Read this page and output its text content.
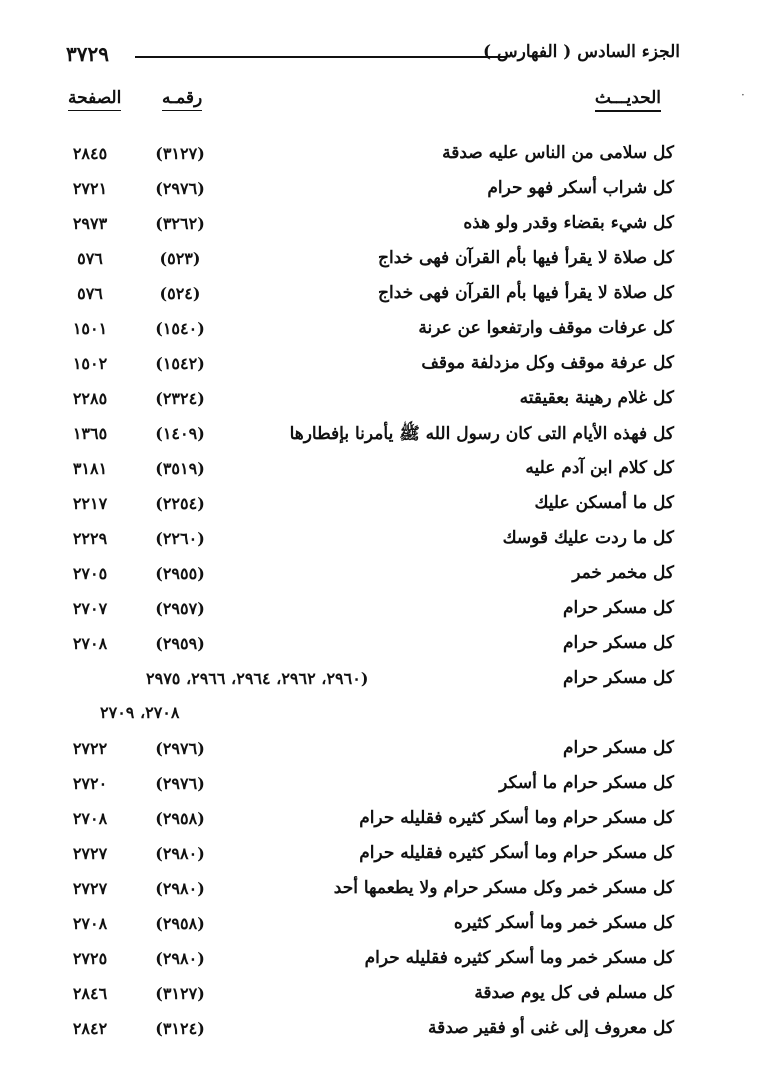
٣٧٢٩	الجزء السادس ( الفهارس )
·
الحديـــث
رقمـه
الصفحة
كل سلامى من الناس عليه صدقة
(٣١٢٧)
٢٨٤٥
كل شراب أسكر فهو حرام
(٢٩٧٦)
٢٧٢١
كل شيء بقضاء وقدر ولو هذه
(٣٢٦٢)
٢٩٧٣
كل صلاة لا يقرأ فيها بأم القرآن فهى خداج
(٥٢٣)
٥٧٦
كل صلاة لا يقرأ فيها بأم القرآن فهى خداج
(٥٢٤)
٥٧٦
كل عرفات موقف وارتفعوا عن عرنة
(١٥٤٠)
١٥٠١
كل عرفة موقف وكل مزدلفة موقف
(١٥٤٢)
١٥٠٢
كل غلام رهينة بعقيقته
(٢٣٢٤)
٢٢٨٥
كل فهذه الأيام التى كان رسول الله ﷺ يأمرنا بإفطارها
(١٤٠٩)
١٣٦٥
كل كلام ابن آدم عليه
(٣٥١٩)
٣١٨١
كل ما أمسكن عليك
(٢٢٥٤)
٢٢١٧
كل ما ردت عليك قوسك
(٢٢٦٠)
٢٢٢٩
كل مخمر خمر
(٢٩٥٥)
٢٧٠٥
كل مسكر حرام
(٢٩٥٧)
٢٧٠٧
كل مسكر حرام
(٢٩٥٩)
٢٧٠٨
كل مسكر حرام
(٢٩٦٠، ٢٩٦٢، ٢٩٦٤، ٢٩٦٦، ٢٩٧٥
٢٧٠٨، ٢٧٠٩
كل مسكر حرام
(٢٩٧٦)
٢٧٢٢
كل مسكر حرام ما أسكر
(٢٩٧٦)
٢٧٢٠
كل مسكر حرام وما أسكر كثيره فقليله حرام
(٢٩٥٨)
٢٧٠٨
كل مسكر حرام وما أسكر كثيره فقليله حرام
(٢٩٨٠)
٢٧٢٧
كل مسكر خمر وكل مسكر حرام ولا يطعمها أحد
(٢٩٨٠)
٢٧٢٧
كل مسكر خمر وما أسكر كثيره
(٢٩٥٨)
٢٧٠٨
كل مسكر خمر وما أسكر كثيره فقليله حرام
(٢٩٨٠)
٢٧٢٥
كل مسلم فى كل يوم صدقة
(٣١٢٧)
٢٨٤٦
كل معروف إلى غنى أو فقير صدقة
(٣١٢٤)
٢٨٤٢
